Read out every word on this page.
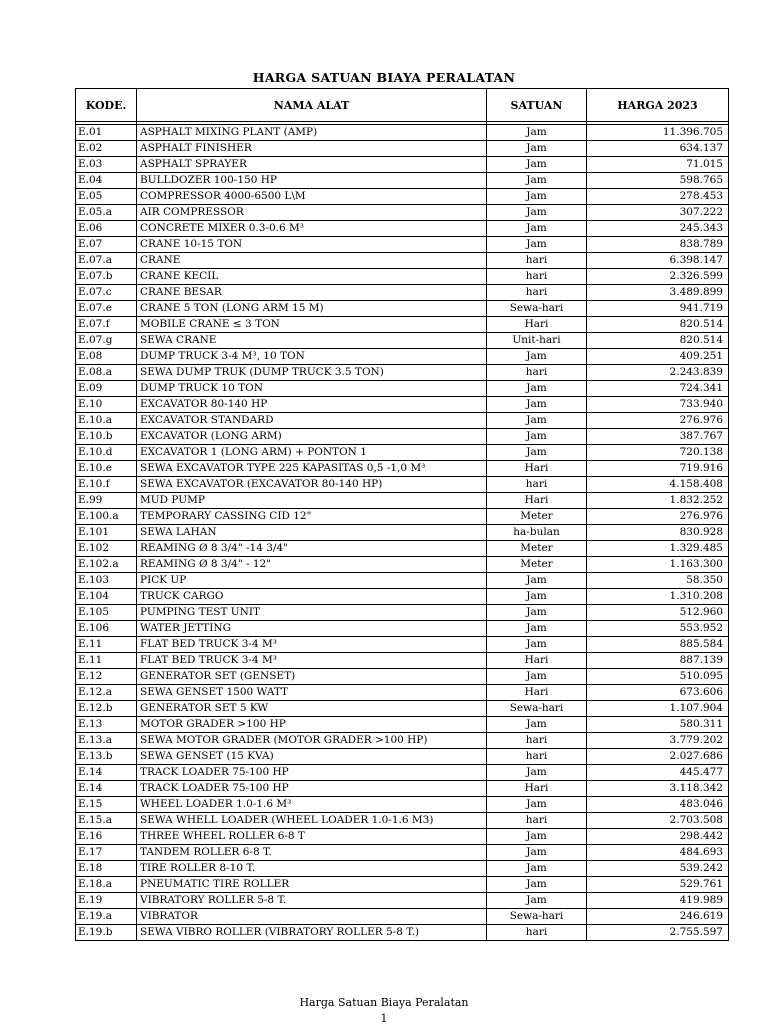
HARGA SATUAN BIAYA PERALATAN
KODE.	NAMA ALAT	SATUAN	HARGA 2023

E.01	ASPHALT MIXING PLANT (AMP)	Jam	11.396.705
E.02	ASPHALT FINISHER	Jam	634.137
E.03	ASPHALT SPRAYER	Jam	71.015
E.04	BULLDOZER 100-150 HP	Jam	598.765
E.05	COMPRESSOR 4000-6500 L\M	Jam	278.453
E.05.a	AIR COMPRESSOR	Jam	307.222
E.06	CONCRETE MIXER 0.3-0.6 M³	Jam	245.343
E.07	CRANE 10-15 TON	Jam	838.789
E.07.a	CRANE	hari	6.398.147
E.07.b	CRANE KECIL	hari	2.326.599
E.07.c	CRANE BESAR	hari	3.489.899
E.07.e	CRANE 5 TON (LONG ARM 15 M)	Sewa-hari	941.719
E.07.f	MOBILE CRANE ≤ 3 TON	Hari	820.514
E.07.g	SEWA CRANE	Unit-hari	820.514
E.08	DUMP TRUCK 3-4 M³, 10 TON	Jam	409.251
E.08.a	SEWA DUMP TRUK (DUMP TRUCK 3.5 TON)	hari	2.243.839
E.09	DUMP TRUCK 10 TON	Jam	724.341
E.10	EXCAVATOR 80-140 HP	Jam	733.940
E.10.a	EXCAVATOR STANDARD	Jam	276.976
E.10.b	EXCAVATOR (LONG ARM)	Jam	387.767
E.10.d	EXCAVATOR 1 (LONG ARM) + PONTON 1	Jam	720.138
E.10.e	SEWA EXCAVATOR TYPE 225 KAPASITAS 0,5 -1,0 M³	Hari	719.916
E.10.f	SEWA EXCAVATOR (EXCAVATOR 80-140 HP)	hari	4.158.408
E.99	MUD PUMP	Hari	1.832.252
E.100.a	TEMPORARY CASSING CID 12"	Meter	276.976
E.101	SEWA LAHAN	ha-bulan	830.928
E.102	REAMING Ø 8 3/4" -14 3/4"	Meter	1.329.485
E.102.a	REAMING Ø 8 3/4" - 12"	Meter	1.163.300
E.103	PICK UP	Jam	58.350
E.104	TRUCK CARGO	Jam	1.310.208
E.105	PUMPING TEST UNIT	Jam	512.960
E.106	WATER JETTING	Jam	553.952
E.11	FLAT BED TRUCK 3-4 M³	Jam	885.584
E.11	FLAT BED TRUCK 3-4 M³	Hari	887.139
E.12	GENERATOR SET (GENSET)	Jam	510.095
E.12.a	SEWA GENSET 1500 WATT	Hari	673.606
E.12.b	GENERATOR SET 5 KW	Sewa-hari	1.107.904
E.13	MOTOR GRADER >100 HP	Jam	580.311
E.13.a	SEWA MOTOR GRADER (MOTOR GRADER >100 HP)	hari	3.779.202
E.13.b	SEWA GENSET (15 KVA)	hari	2.027.686
E.14	TRACK LOADER 75-100 HP	Jam	445.477
E.14	TRACK LOADER 75-100 HP	Hari	3.118.342
E.15	WHEEL LOADER 1.0-1.6 M³	Jam	483.046
E.15.a	SEWA WHELL LOADER (WHEEL LOADER 1.0-1.6 M3)	hari	2.703.508
E.16	THREE WHEEL ROLLER 6-8 T	Jam	298.442
E.17	TANDEM ROLLER 6-8 T.	Jam	484.693
E.18	TIRE ROLLER 8-10 T.	Jam	539.242
E.18.a	PNEUMATIC TIRE ROLLER	Jam	529.761
E.19	VIBRATORY ROLLER 5-8 T.	Jam	419.989
E.19.a	VIBRATOR	Sewa-hari	246.619
E.19.b	SEWA VIBRO ROLLER (VIBRATORY ROLLER 5-8 T.)	hari	2.755.597
Harga Satuan Biaya Peralatan
1
